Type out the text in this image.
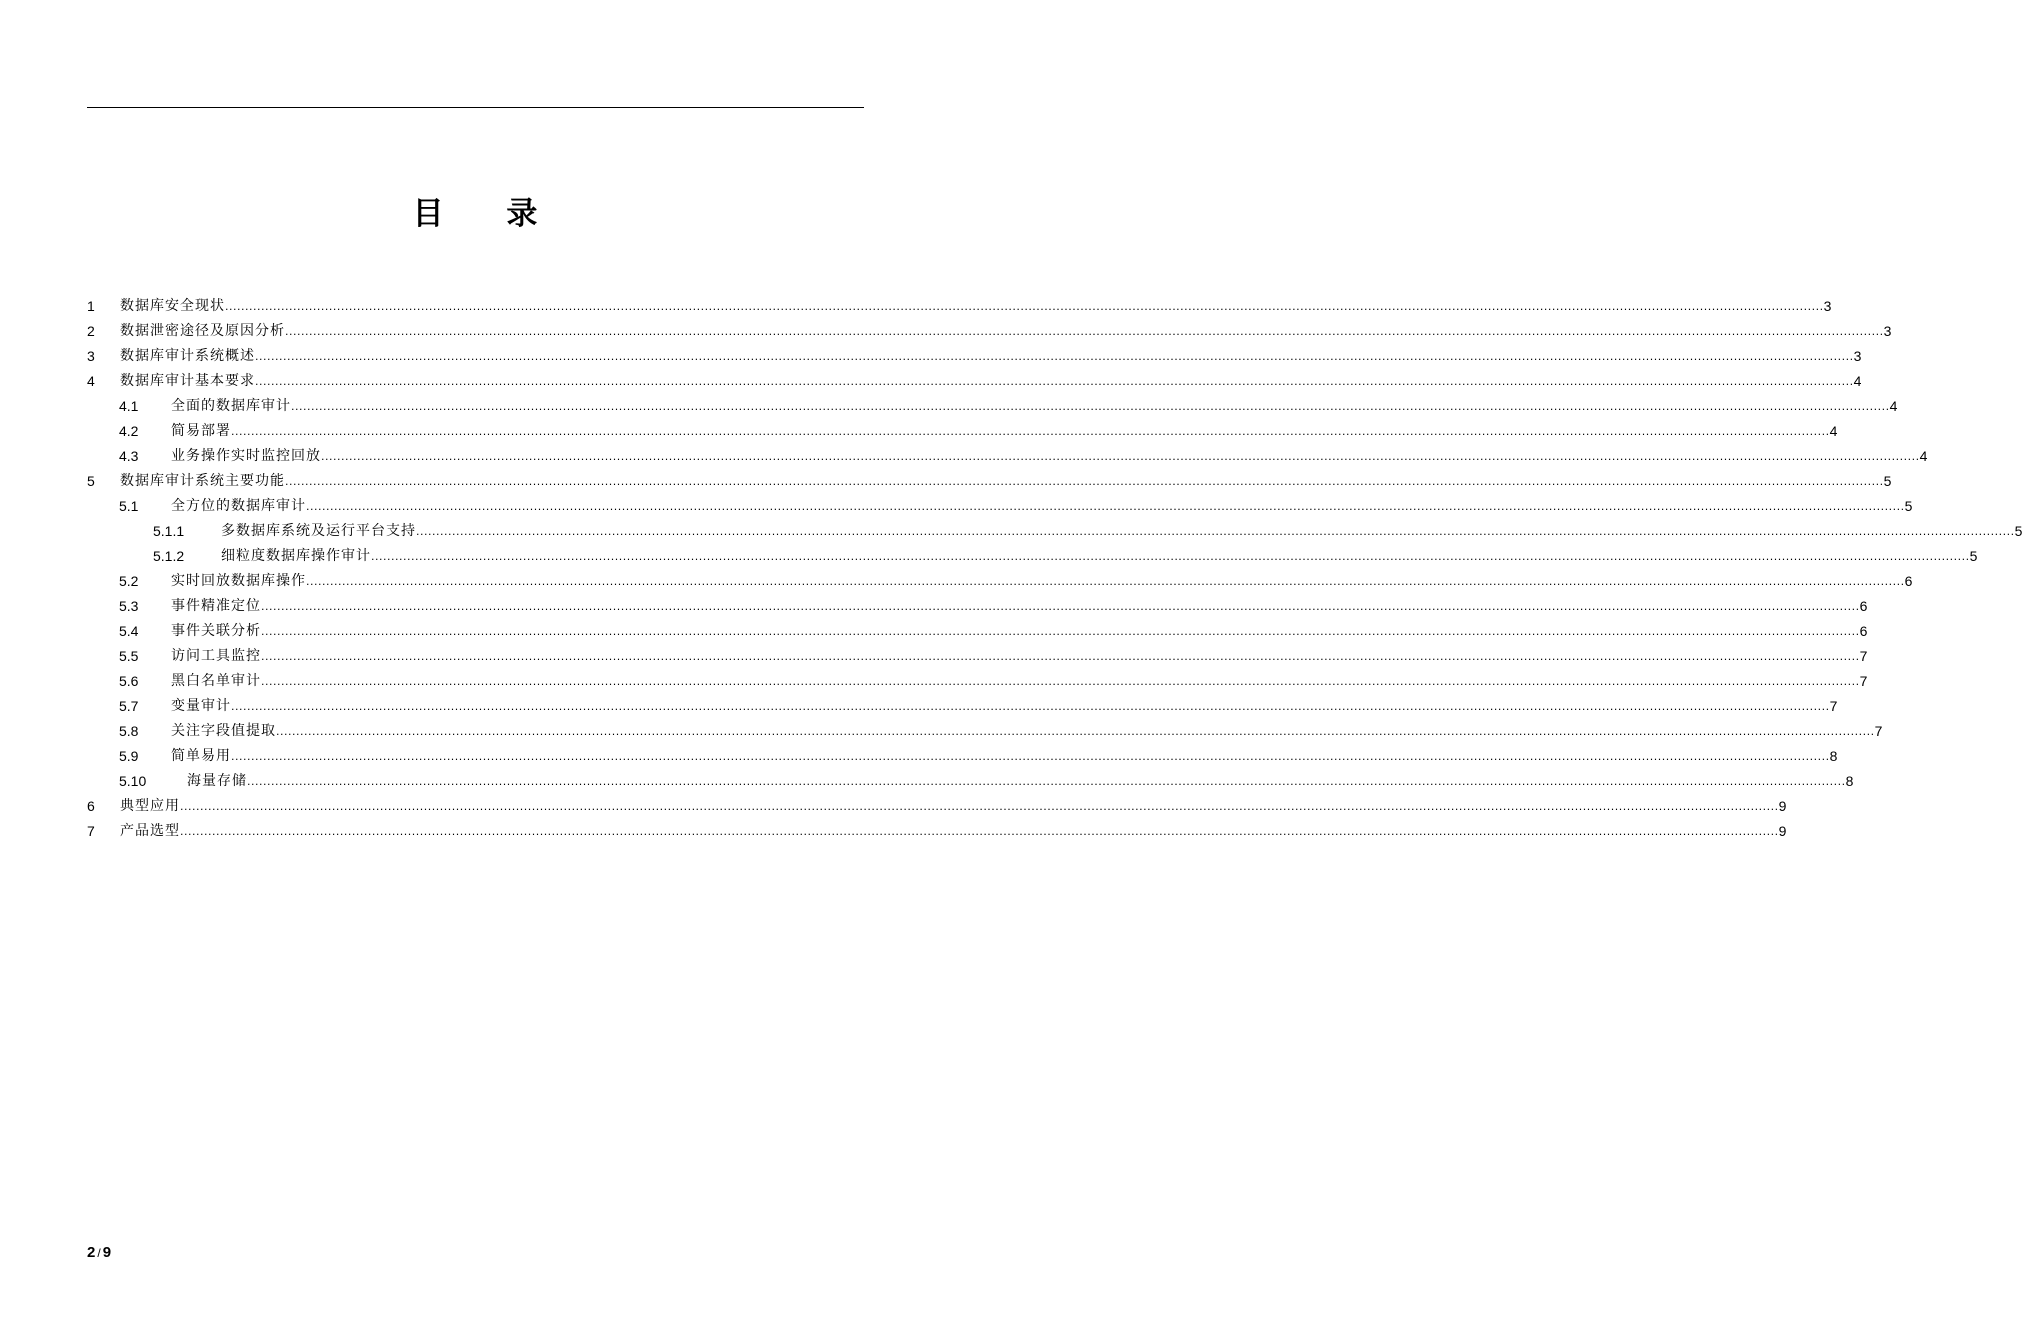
目 录
1 数据库安全现状 ................................................................................................................................................................................................................................................................................................................................................................................................................ 3
2 数据泄密途径及原因分析 ................................................................................................................................................................................................................................................................................................................................................................................................................ 3
3 数据库审计系统概述 ................................................................................................................................................................................................................................................................................................................................................................................................................ 3
4 数据库审计基本要求 ................................................................................................................................................................................................................................................................................................................................................................................................................ 4
4.1 全面的数据库审计 ................................................................................................................................................................................................................................................................................................................................................................................................................ 4
4.2 简易部署 ................................................................................................................................................................................................................................................................................................................................................................................................................ 4
4.3 业务操作实时监控回放 ................................................................................................................................................................................................................................................................................................................................................................................................................ 4
5 数据库审计系统主要功能 ................................................................................................................................................................................................................................................................................................................................................................................................................ 5
5.1 全方位的数据库审计 ................................................................................................................................................................................................................................................................................................................................................................................................................ 5
5.1.1	多数据库系统及运行平台支持 ................................................................................................................................................................................................................................................................................................................................................................................................................ 5
5.1.2	细粒度数据库操作审计 ................................................................................................................................................................................................................................................................................................................................................................................................................ 5
5.2 实时回放数据库操作 ................................................................................................................................................................................................................................................................................................................................................................................................................ 6
5.3 事件精准定位 ................................................................................................................................................................................................................................................................................................................................................................................................................ 6
5.4 事件关联分析 ................................................................................................................................................................................................................................................................................................................................................................................................................ 6
5.5 访问工具监控 ................................................................................................................................................................................................................................................................................................................................................................................................................ 7
5.6 黑白名单审计 ................................................................................................................................................................................................................................................................................................................................................................................................................ 7
5.7 变量审计 ................................................................................................................................................................................................................................................................................................................................................................................................................ 7
5.8 关注字段值提取 ................................................................................................................................................................................................................................................................................................................................................................................................................ 7
5.9 简单易用 ................................................................................................................................................................................................................................................................................................................................................................................................................ 8
5.10	海量存储 ................................................................................................................................................................................................................................................................................................................................................................................................................ 8
6 典型应用 ................................................................................................................................................................................................................................................................................................................................................................................................................ 9
7 产品选型 ................................................................................................................................................................................................................................................................................................................................................................................................................ 9
2 / 9
